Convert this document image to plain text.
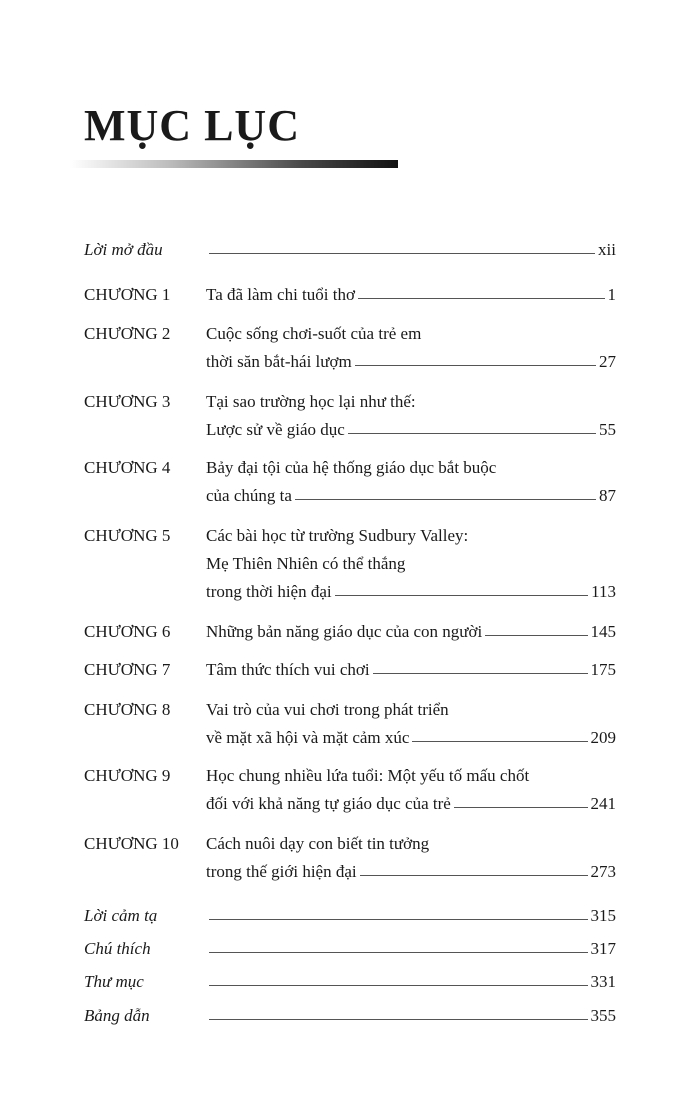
MỤC LỤC
Lời mở đầu	xii
CHƯƠNG 1 Ta đã làm chi tuổi thơ	1
CHƯƠNG 2 Cuộc sống chơi-suốt của trẻ em
thời săn bắt-hái lượm	27
CHƯƠNG 3 Tại sao trường học lại như thế:
Lược sử về giáo dục	55
CHƯƠNG 4 Bảy đại tội của hệ thống giáo dục bắt buộc
của chúng ta	87
CHƯƠNG 5 Các bài học từ trường Sudbury Valley:
Mẹ Thiên Nhiên có thể thắng
trong thời hiện đại	113
CHƯƠNG 6 Những bản năng giáo dục của con người	145
CHƯƠNG 7 Tâm thức thích vui chơi	175
CHƯƠNG 8 Vai trò của vui chơi trong phát triển
về mặt xã hội và mặt cảm xúc	209
CHƯƠNG 9 Học chung nhiều lứa tuổi: Một yếu tố mấu chốt
đối với khả năng tự giáo dục của trẻ	241
CHƯƠNG 10 Cách nuôi dạy con biết tin tưởng
trong thế giới hiện đại	273
Lời cảm tạ	315
Chú thích	317
Thư mục	331
Bảng dẫn	355
